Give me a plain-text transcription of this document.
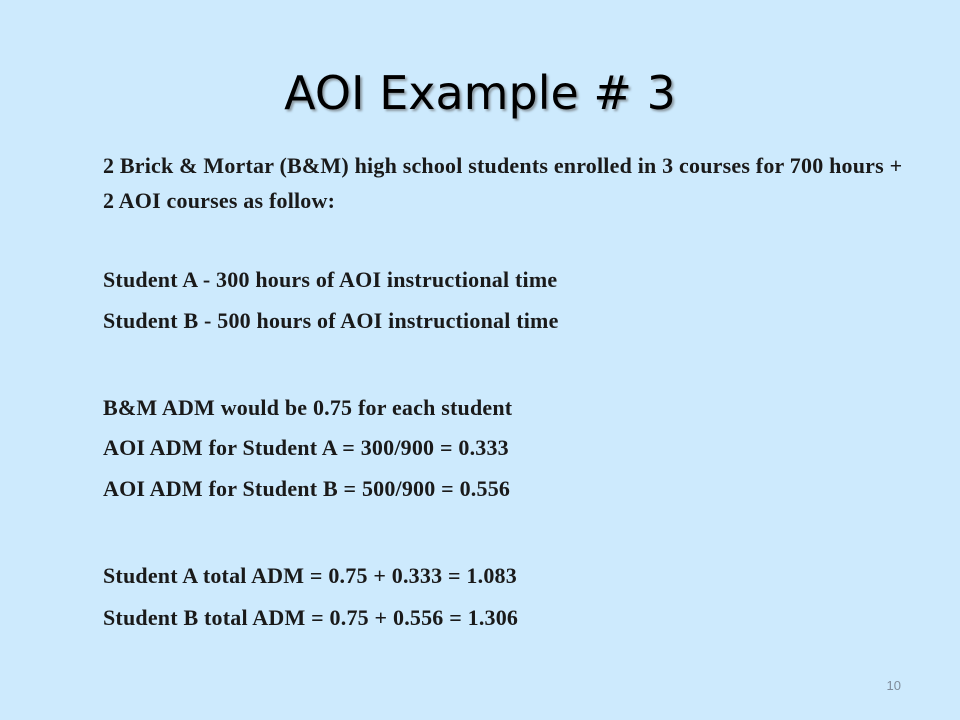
AOI Example # 3

2 Brick & Mortar (B&M) high school students enrolled in 3 courses for 700 hours + 2 AOI courses as follow:

Student A - 300 hours of AOI instructional time

Student B - 500 hours of AOI instructional time

B&M ADM would be 0.75 for each student

AOI ADM for Student A = 300/900 = 0.333

AOI ADM for Student B = 500/900 = 0.556

Student A total ADM = 0.75 + 0.333 = 1.083

Student B total ADM = 0.75 + 0.556 = 1.306

10
